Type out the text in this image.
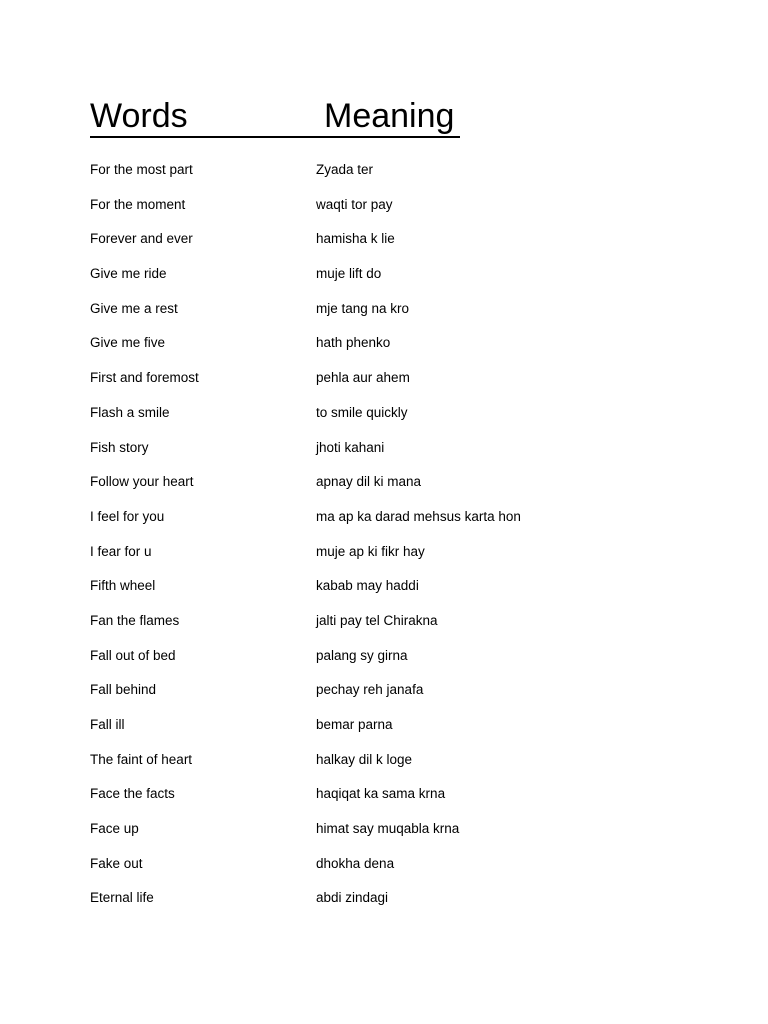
Words	Meaning
For the most part	Zyada ter
For the moment	waqti tor pay
Forever and ever	hamisha k lie
Give me ride	muje lift do
Give me a rest	mje tang na kro
Give me five	hath phenko
First and foremost	pehla aur ahem
Flash a smile	to smile quickly
Fish story	jhoti kahani
Follow your heart	apnay dil ki mana
I feel for you	ma ap ka darad mehsus karta hon
I fear for u	muje ap ki fikr hay
Fifth wheel	kabab may haddi
Fan the flames	jalti pay tel Chirakna
Fall out of bed	palang sy girna
Fall behind	pechay reh janafa
Fall ill	bemar parna
The faint of heart	halkay dil k loge
Face the facts	haqiqat ka sama krna
Face up	himat say muqabla krna
Fake out	dhokha dena
Eternal life	abdi zindagi
